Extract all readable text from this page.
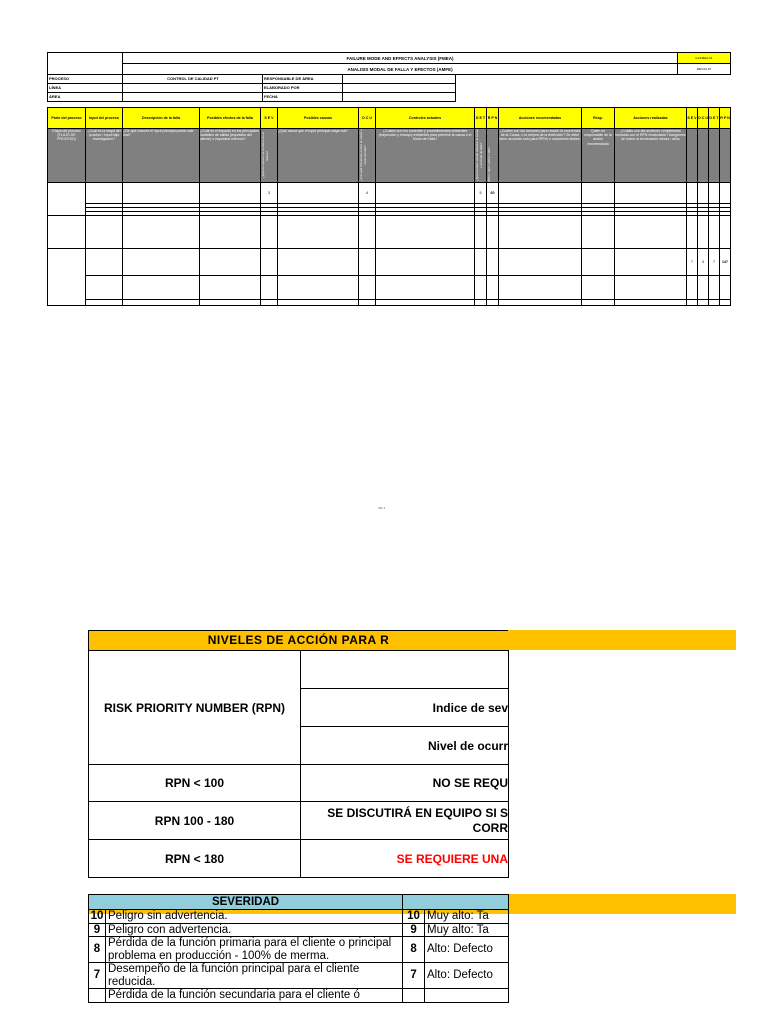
	FAILURE MODE AND EFFECTS ANALYSIS (FMEA)	GCFMEA-01
	ANALISIS MODAL DE FALLA Y EFECTOS (AMFE)	REV.03-07
PROCESO	CONTROL DE CALIDAD PT	RESPONSABLE DE ÁREA	
LÍNEA		ELABORADO POR	
ÁREA		FECHA	
Parte del proceso	Input del proceso	Descripción de la falla	Posibles efectos de la falla	S E V	Posibles causas	O C U	Controles actuales	D E T	R P N	Acciones recomendadas	Resp.	Acciones realizadas	S E V	O C U	D E T	R P N
Etapa del proceso (FLUJO DE PROCESO)	¿Cuál es la etapa del proceso / input bajo investigación?	¿De qué manera el input principal puede salir mal?	¿Cuál es el impacto en los principales variables de salida (requisitos del cliente) o requisitos internos?	¿Qué tan severo es el efecto en el cliente?	¿Qué causa que el input principal salga mal?	¿Con qué frecuencia ocurre la causa o modo de falla?	¿Cuáles son los controles y procedimientos existentes (inspección y ensayo) existentes para prevenir la causa o el Modo de Falla?	¿Qué tan bien puede detectar la causa o el modo de falla?	RPN = SEV x OCU x DET	¿Cuáles son las acciones para reducir la ocurrencia de la Causa, o la mejora de la detección? Se debe tener acciones solo para RPN's o soluciones fáciles.	Quién es responsable de la acción recomendada	¿Cuáles son las acciones completadas tomadas con el RPN recalculado? Asegúrese de incluir la terminación meses / años				
				3		4		5	60							

													7	3	7	147

Tab 1
NIVELES DE ACCIÓN PARA R
RISK PRIORITY NUMBER (RPN)	
	Indice de sev
	Nivel de ocurr
RPN < 100	NO SE REQU
RPN 100 - 180	SE DISCUTIRÁ EN EQUIPO SI S
CORR

RPN < 180	SE REQUIERE UNA
SEVERIDAD			
10	Peligro sin advertencia.	10	Muy alto: Ta
9	Peligro con advertencia.	9	Muy alto: Ta
8	Pérdida de la función primaria para el cliente o principal problema en producción - 100% de merma.	8	Alto: Defecto
7	Desempeño de la función principal para el cliente reducida.	7	Alto: Defecto
	Pérdida de la función secundaria para el cliente ó		
